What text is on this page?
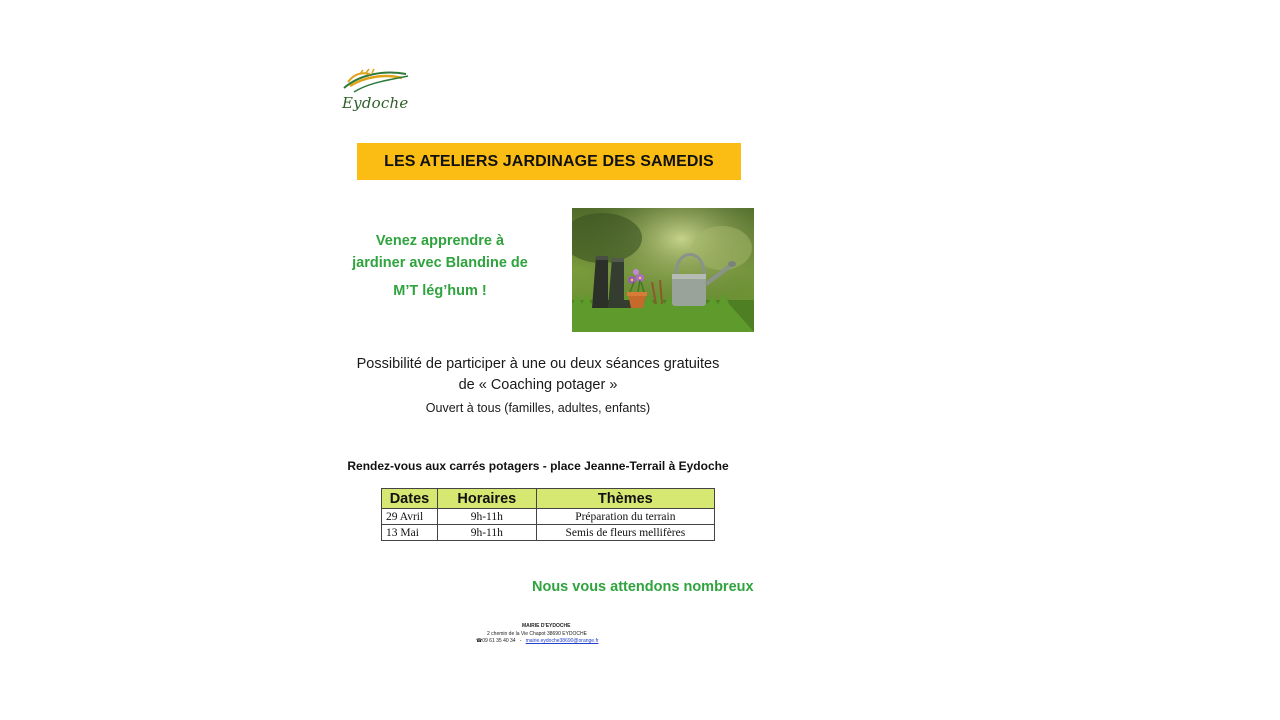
Eydoche
LES ATELIERS JARDINAGE DES SAMEDIS
Venez apprendre à
jardiner avec Blandine de

M’T lég’hum !
Possibilité de participer à une ou deux séances gratuites
de « Coaching potager »
Ouvert à tous (familles, adultes, enfants)
Rendez-vous aux carrés potagers - place Jeanne-Terrail à Eydoche
Dates	Horaires	Thèmes
29 Avril	9h-11h	Préparation du terrain
13 Mai	9h-11h	Semis de fleurs mellifères
Nous vous attendons nombreux
MAIRIE D'EYDOCHE
2 chemin de la Vie Chapot 38690 EYDOCHE
☎09 61 35 40 34   -   mairie.eydoche38690@orange.fr
